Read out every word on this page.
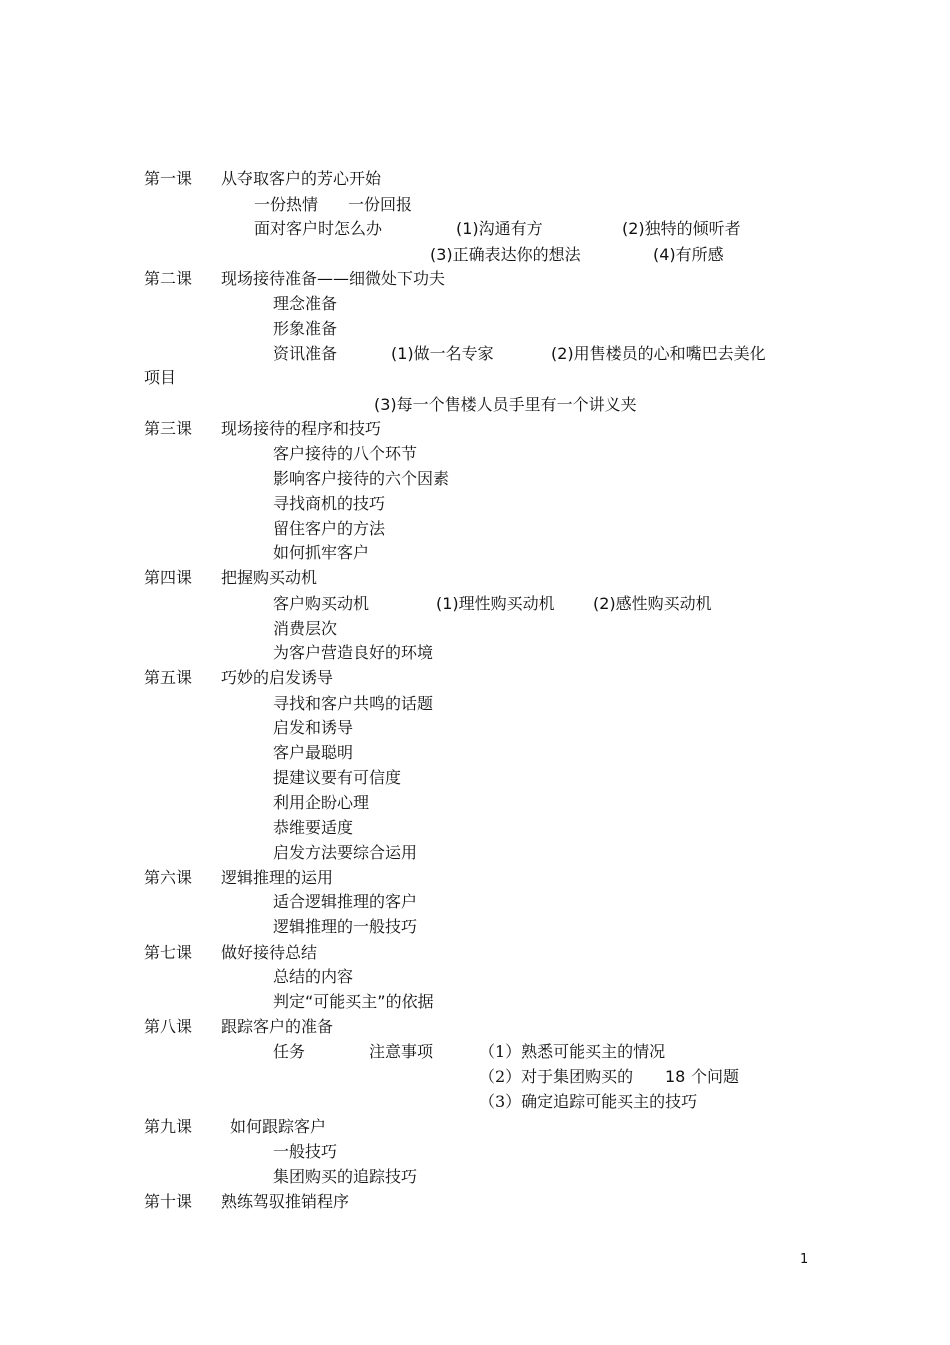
第一课 从夺取客户的芳心开始
一份热情 一份回报
面对客户时怎么办	(1)沟通有方	(2)独特的倾听者
(3)正确表达你的想法	(4)有所感
第二课 现场接待准备——细微处下功夫
理念准备
形象准备
资讯准备	(1)做一名专家	(2)用售楼员的心和嘴巴去美化
项目
(3)每一个售楼人员手里有一个讲义夹
第三课 现场接待的程序和技巧
客户接待的八个环节
影响客户接待的六个因素
寻找商机的技巧
留住客户的方法
如何抓牢客户
第四课 把握购买动机
客户购买动机	(1)理性购买动机 (2)感性购买动机
消费层次
为客户营造良好的环境
第五课 巧妙的启发诱导
寻找和客户共鸣的话题
启发和诱导
客户最聪明
提建议要有可信度
利用企盼心理
恭维要适度
启发方法要综合运用
第六课 逻辑推理的运用
适合逻辑推理的客户
逻辑推理的一般技巧
第七课 做好接待总结
总结的内容
判定“可能买主”的依据
第八课 跟踪客户的准备
任务	注意事项	（1）熟悉可能买主的情况
（2）对于集团购买的 18 个问题
（3）确定追踪可能买主的技巧
第九课 如何跟踪客户
一般技巧
集团购买的追踪技巧
第十课 熟练驾驭推销程序
1
